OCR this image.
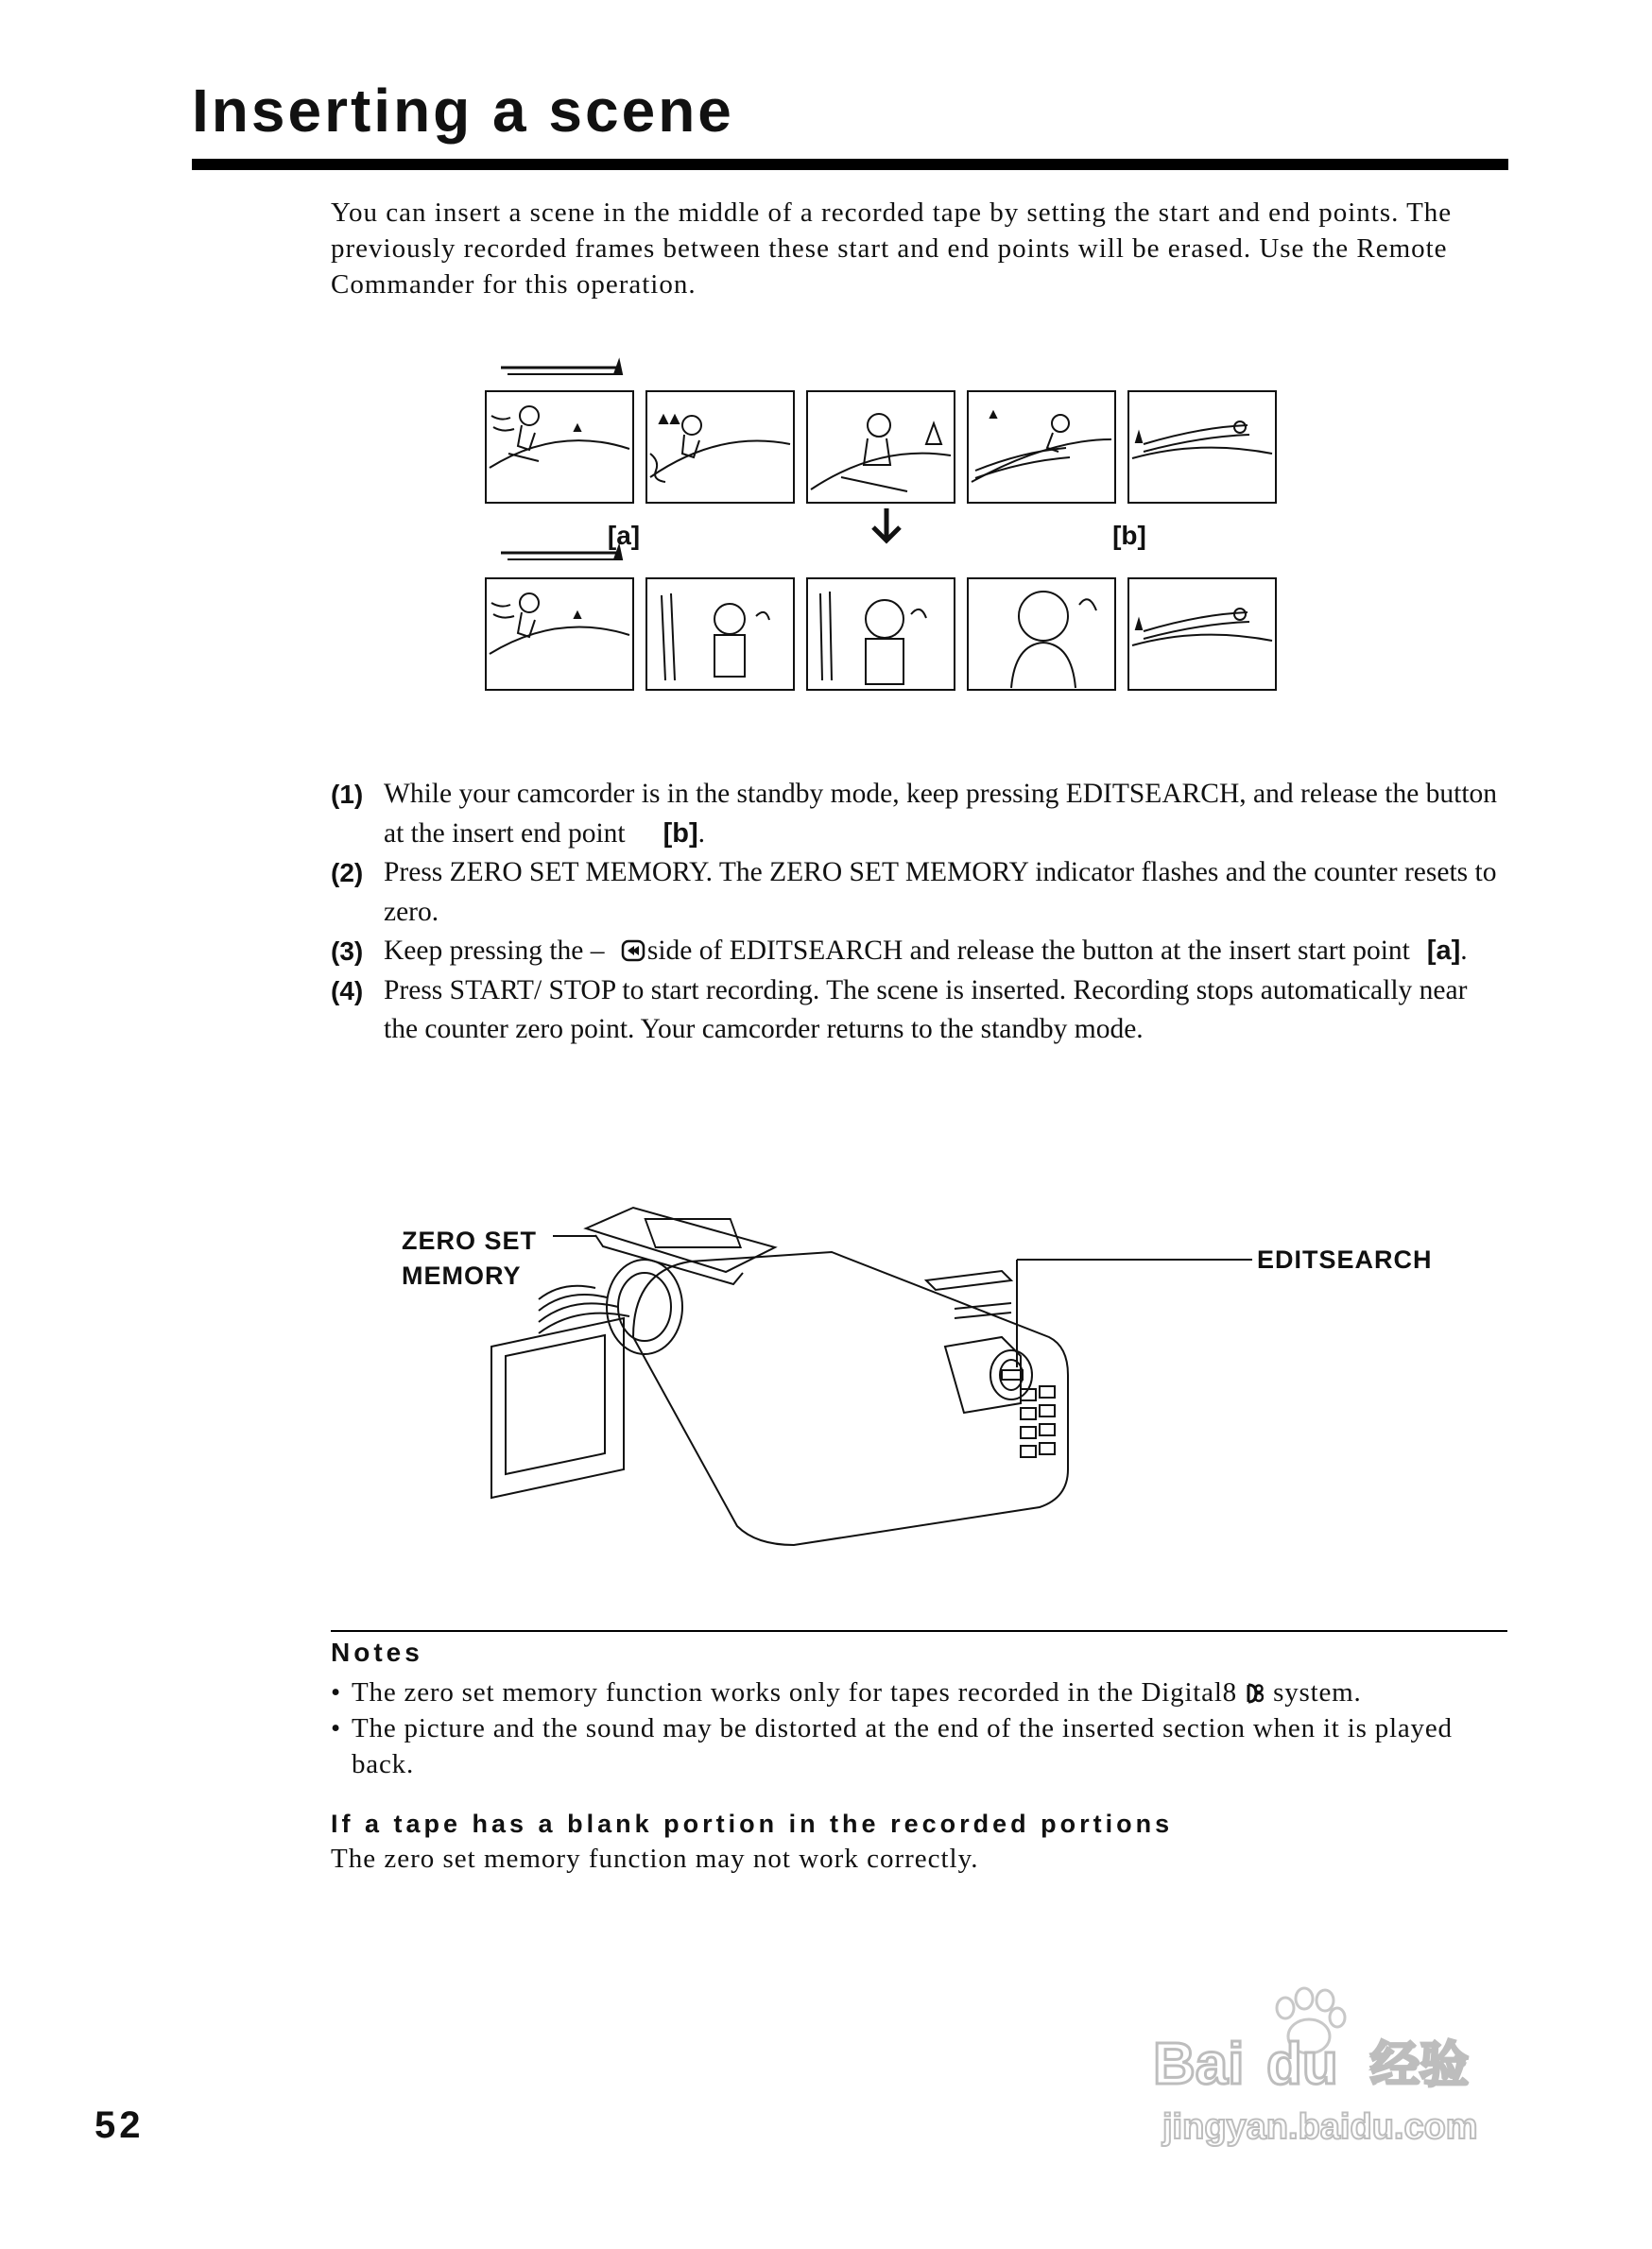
Inserting a scene
You can insert a scene in the middle of a recorded tape by setting the start and end points. The previously recorded frames between these start and end points will be erased. Use the Remote Commander for this operation.
[a]	[b]
(1) While your camcorder is in the standby mode, keep pressing EDITSEARCH, and release the button at the insert end point [b].
(2) Press ZERO SET MEMORY. The ZERO SET MEMORY indicator flashes and the counter resets to zero.
(3) Keep pressing the – side of EDITSEARCH and release the button at the insert start point [a].
(4) Press START/ STOP to start recording. The scene is inserted. Recording stops automatically near the counter zero point. Your camcorder returns to the standby mode.
ZERO SET
MEMORY
EDITSEARCH
Notes
• The zero set memory function works only for tapes recorded in the Digital8 system.
• The picture and the sound may be distorted at the end of the inserted section when it is played back.
If a tape has a blank portion in the recorded portions
The zero set memory function may not work correctly.
52
Bai du 经验
jingyan.baidu.com
